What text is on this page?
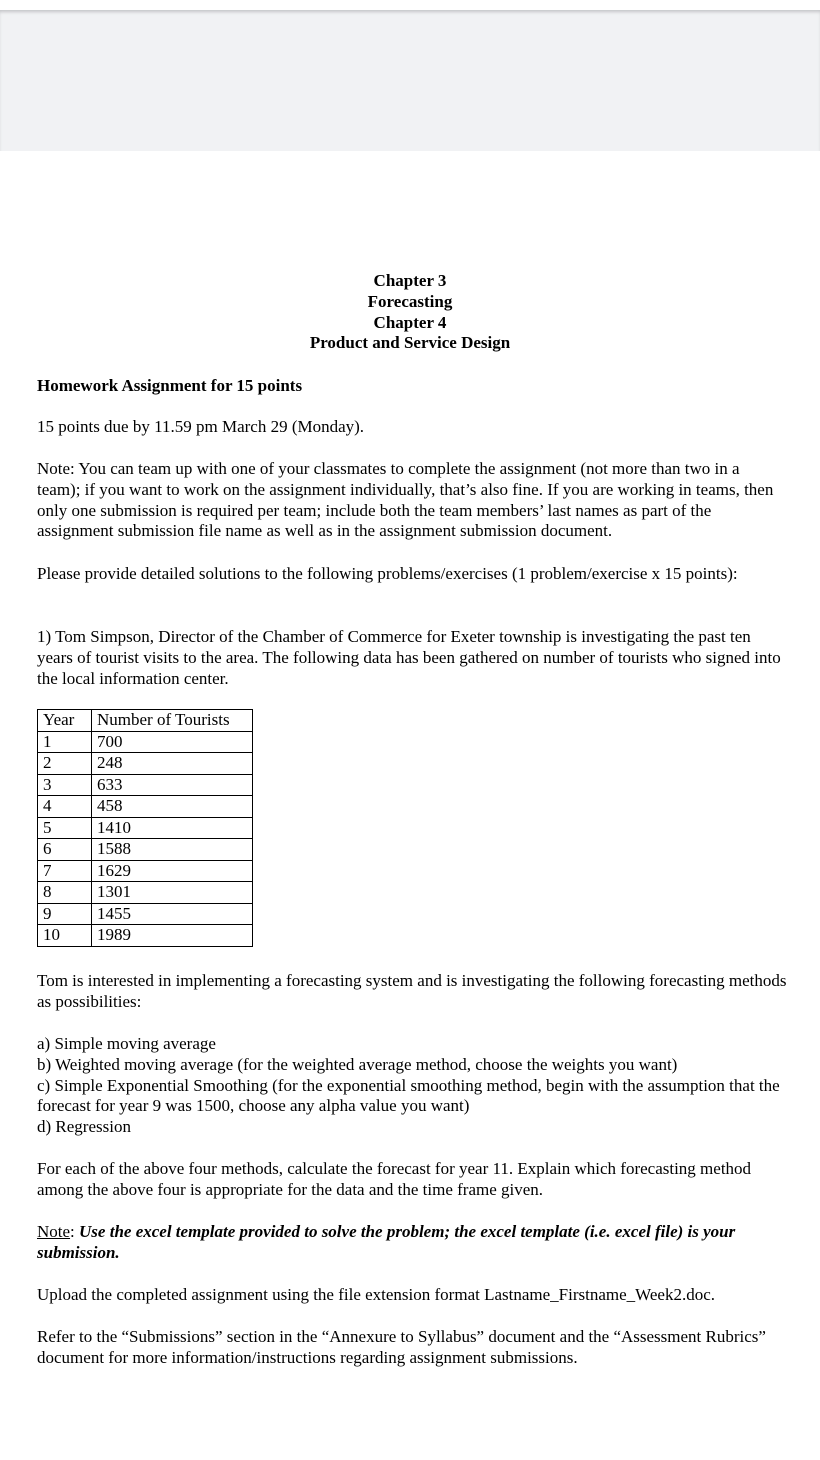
Chapter 3
Forecasting
Chapter 4
Product and Service Design

Homework Assignment for 15 points

15 points due by 11.59 pm March 29 (Monday).

Note: You can team up with one of your classmates to complete the assignment (not more than two in a team); if you want to work on the assignment individually, that’s also fine. If you are working in teams, then only one submission is required per team; include both the team members’ last names as part of the assignment submission file name as well as in the assignment submission document.

Please provide detailed solutions to the following problems/exercises (1 problem/exercise x 15 points):

1) Tom Simpson, Director of the Chamber of Commerce for Exeter township is investigating the past ten years of tourist visits to the area. The following data has been gathered on number of tourists who signed into the local information center.

Year	Number of Tourists
1	700
2	248
3	633
4	458
5	1410
6	1588
7	1629
8	1301
9	1455
10	1989

Tom is interested in implementing a forecasting system and is investigating the following forecasting methods as possibilities:

a) Simple moving average
b) Weighted moving average (for the weighted average method, choose the weights you want)
c) Simple Exponential Smoothing (for the exponential smoothing method, begin with the assumption that the forecast for year 9 was 1500, choose any alpha value you want)
d) Regression

For each of the above four methods, calculate the forecast for year 11. Explain which forecasting method among the above four is appropriate for the data and the time frame given.

Note: Use the excel template provided to solve the problem; the excel template (i.e. excel file) is your submission.

Upload the completed assignment using the file extension format Lastname_Firstname_Week2.doc.

Refer to the “Submissions” section in the “Annexure to Syllabus” document and the “Assessment Rubrics” document for more information/instructions regarding assignment submissions.
